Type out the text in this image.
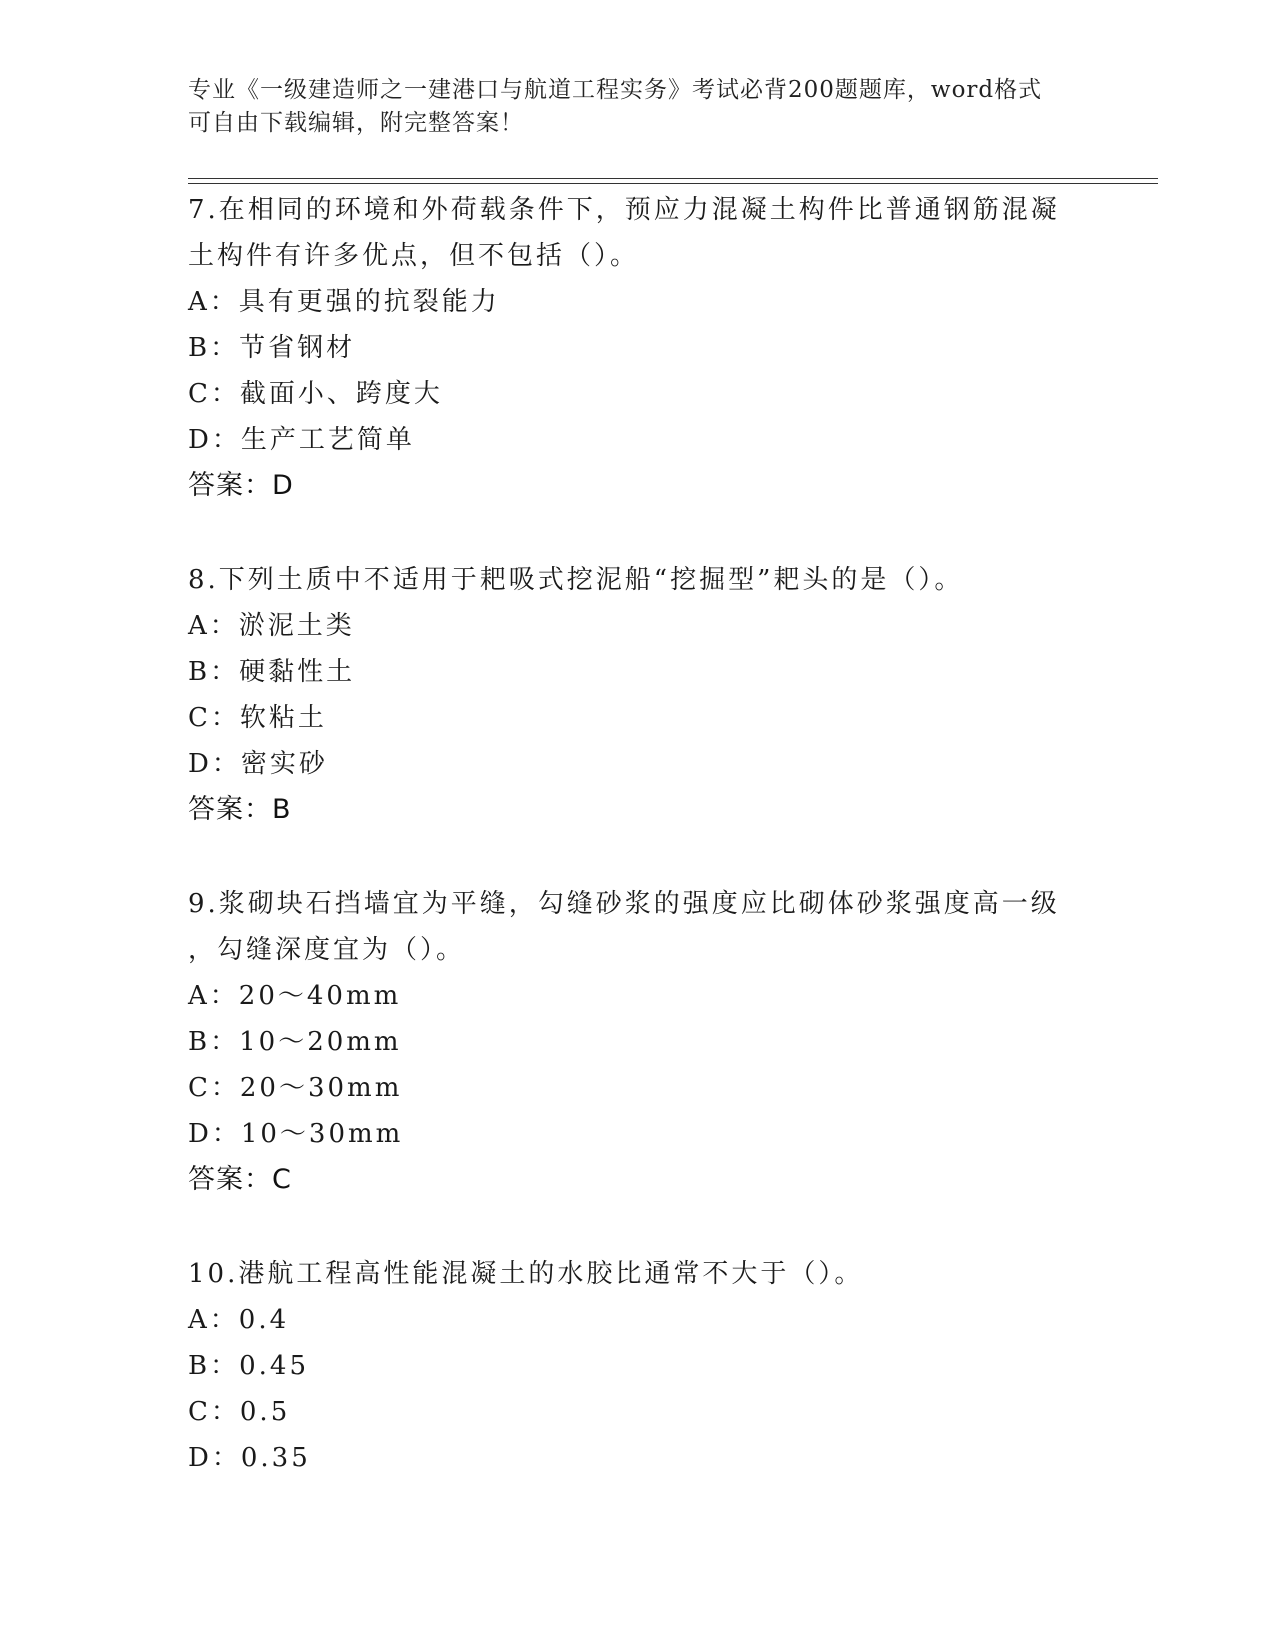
专业《一级建造师之一建港口与航道工程实务》考试必背200题题库，word格式
可自由下载编辑，附完整答案！

7.在相同的环境和外荷载条件下，预应力混凝土构件比普通钢筋混凝

土构件有许多优点，但不包括（）。

A：具有更强的抗裂能力

B：节省钢材

C：截面小、跨度大

D：生产工艺简单

答案：D

8.下列土质中不适用于耙吸式挖泥船“挖掘型”耙头的是（）。

A：淤泥土类

B：硬黏性土

C：软粘土

D：密实砂

答案：B

9.浆砌块石挡墙宜为平缝，勾缝砂浆的强度应比砌体砂浆强度高一级

，勾缝深度宜为（）。

A：20～40mm

B：10～20mm

C：20～30mm

D：10～30mm

答案：C

10.港航工程高性能混凝土的水胶比通常不大于（）。

A：0.4

B：0.45

C：0.5

D：0.35
